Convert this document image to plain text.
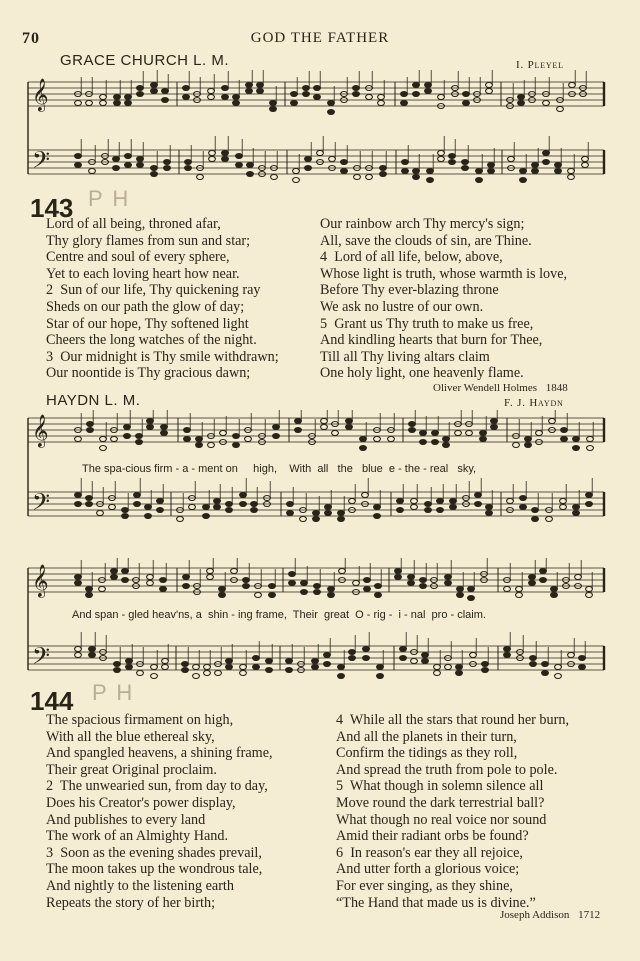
70	GOD THE FATHER
GRACE CHURCH L. M.	I. Pleyel
𝄞
𝄢
143 P H
Lord of all being, throned afar,
Thy glory flames from sun and star;
Centre and soul of every sphere,
Yet to each loving heart how near.
2  Sun of our life, Thy quickening ray
Sheds on our path the glow of day;
Star of our hope, Thy softened light
Cheers the long watches of the night.
3  Our midnight is Thy smile withdrawn;
Our noontide is Thy gracious dawn;
Our rainbow arch Thy mercy's sign;
All, save the clouds of sin, are Thine.
4  Lord of all life, below, above,
Whose light is truth, whose warmth is love,
Before Thy ever-blazing throne
We ask no lustre of our own.
5  Grant us Thy truth to make us free,
And kindling hearts that burn for Thee,
Till all Thy living altars claim
One holy light, one heavenly flame.
Oliver Wendell Holmes 1848
HAYDN L. M.	F. J. Haydn
𝄞
𝄢
The spa-cious firm - a - ment on     high,    With  all   the   blue  e - the - real   sky,
𝄞
𝄢
And span - gled heav'ns, a  shin - ing frame,  Their  great  O - rig -  i - nal  pro - claim.
144 P H
The spacious firmament on high,
With all the blue ethereal sky,
And spangled heavens, a shining frame,
Their great Original proclaim.
2  The unwearied sun, from day to day,
Does his Creator's power display,
And publishes to every land
The work of an Almighty Hand.
3  Soon as the evening shades prevail,
The moon takes up the wondrous tale,
And nightly to the listening earth
Repeats the story of her birth;
4  While all the stars that round her burn,
And all the planets in their turn,
Confirm the tidings as they roll,
And spread the truth from pole to pole.
5  What though in solemn silence all
Move round the dark terrestrial ball?
What though no real voice nor sound
Amid their radiant orbs be found?
6  In reason's ear they all rejoice,
And utter forth a glorious voice;
For ever singing, as they shine,
“The Hand that made us is divine.”
Joseph Addison 1712
